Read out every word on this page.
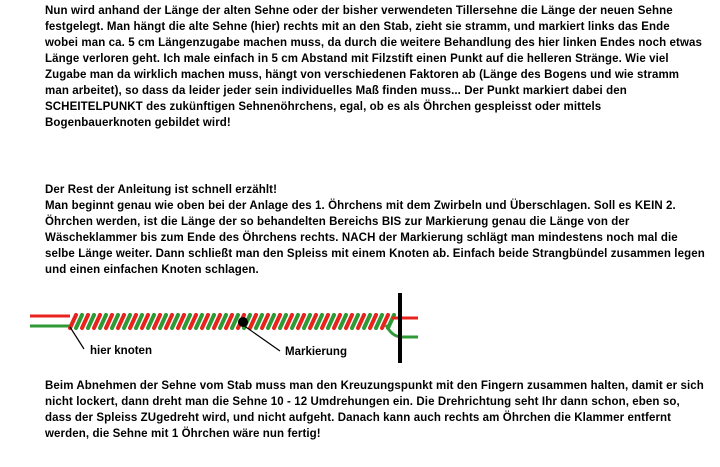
Nun wird anhand der Länge der alten Sehne oder der bisher verwendeten Tillersehne die Länge der neuen Sehne festgelegt. Man hängt die alte Sehne (hier) rechts mit an den Stab, zieht sie stramm, und markiert links das Ende wobei man ca. 5 cm Längenzugabe machen muss, da durch die weitere Behandlung des hier linken Endes noch etwas Länge verloren geht. Ich male einfach in 5 cm Abstand mit Filzstift einen Punkt auf die helleren Stränge. Wie viel Zugabe man da wirklich machen muss, hängt von verschiedenen Faktoren ab (Länge des Bogens und wie stramm man arbeitet), so dass da leider jeder sein individuelles Maß finden muss... Der Punkt markiert dabei den SCHEITELPUNKT des zukünftigen Sehnenöhrchens, egal, ob es als Öhrchen gespleisst oder mittels Bogenbauerknoten gebildet wird!

Der Rest der Anleitung ist schnell erzählt!
Man beginnt genau wie oben bei der Anlage des 1. Öhrchens mit dem Zwirbeln und Überschlagen. Soll es KEIN 2. Öhrchen werden, ist die Länge der so behandelten Bereichs BIS zur Markierung genau die Länge von der Wäscheklammer bis zum Ende des Öhrchens rechts. NACH der Markierung schlägt man mindestens noch mal die selbe Länge weiter. Dann schließt man den Spleiss mit einem Knoten ab. Einfach beide Strangbündel zusammen legen und einen einfachen Knoten schlagen.

hier knoten	Markierung

Beim Abnehmen der Sehne vom Stab muss man den Kreuzungspunkt mit den Fingern zusammen halten, damit er sich nicht lockert, dann dreht man die Sehne 10 - 12 Umdrehungen ein. Die Drehrichtung seht Ihr dann schon, eben so, dass der Spleiss ZUgedreht wird, und nicht aufgeht. Danach kann auch rechts am Öhrchen die Klammer entfernt werden, die Sehne mit 1 Öhrchen wäre nun fertig!
